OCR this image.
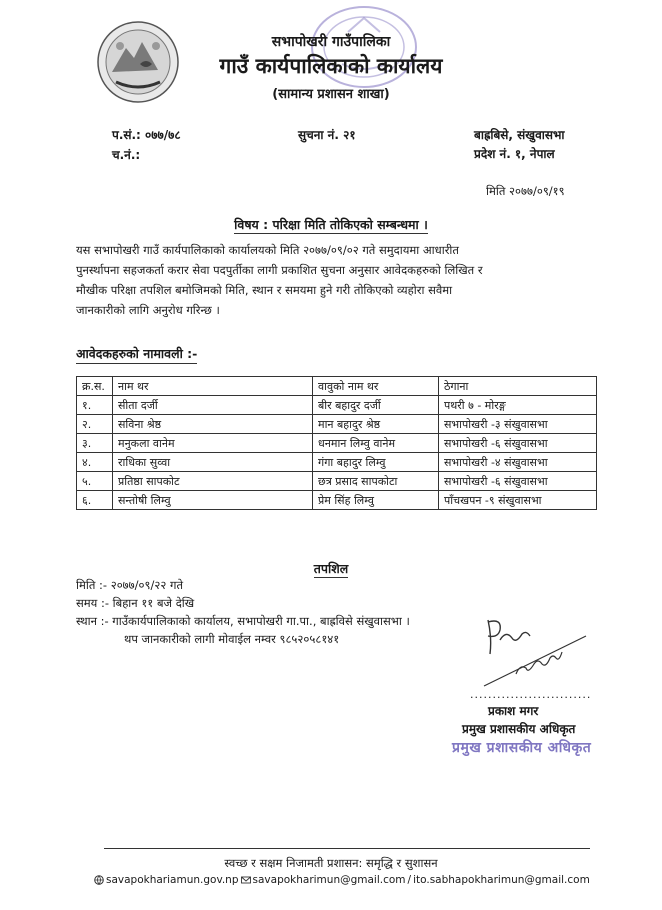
सभापोखरी गाउँपालिका
गाउँ कार्यपालिकाको कार्यालय
(सामान्य प्रशासन शाखा)
प.सं.: ०७७/७८
च.नं.:
सुचना नं. २१	बाह्रबिसे, संखुवासभा
प्रदेश नं. १, नेपाल
मिति २०७७/०९/१९
विषय : परिक्षा मिति तोकिएको सम्बन्धमा ।
यस सभापोखरी गाउँ कार्यपालिकाको कार्यालयको मिति २०७७/०९/०२ गते समुदायमा आधारीत
पुनर्स्थापना सहजकर्ता करार सेवा पदपुर्तीका लागी प्रकाशित सुचना अनुसार आवेदकहरुको लिखित र
मौखीक परिक्षा तपशिल बमोजिमको मिति, स्थान र समयमा हुने गरी तोकिएको व्यहोरा सवैमा
जानकारीको लागि अनुरोध गरिन्छ ।
आवेदकहरुको नामावली :-
क्र.स.	नाम थर	वावुको नाम थर	ठेगाना
१.	सीता दर्जी	बीर बहादुर दर्जी	पथरी ७ - मोरङ्ग
२.	सविना श्रेष्ठ	मान बहादुर श्रेष्ठ	सभापोखरी -३ संखुवासभा
३.	मनुकला वानेम	धनमान लिम्वु वानेम	सभापोखरी -६ संखुवासभा
४.	राधिका सुव्वा	गंगा बहादुर लिम्वु	सभापोखरी -४ संखुवासभा
५.	प्रतिष्ठा सापकोट	छत्र प्रसाद सापकोटा	सभापोखरी -६ संखुवासभा
६.	सन्तोषी लिम्वु	प्रेम सिंह लिम्वु	पाँचखपन -९ संखुवासभा
तपशिल
मिति :- २०७७/०९/२२ गते
समय :- बिहान ११ बजे देखि
स्थान :- गाउँकार्यपालिकाको कार्यालय, सभापोखरी गा.पा., बाह्रविसे संखुवासभा ।
थप जानकारीको लागी मोवाईल नम्वर ९८५२०५८१४१
...........................
प्रकाश मगर
प्रमुख प्रशासकीय अधिकृत
प्रमुख प्रशासकीय अधिकृत
स्वच्छ र सक्षम निजामती प्रशासन: समृद्धि र सुशासन
savapokhariamun.gov.np savapokharimun@gmail.com / ito.sabhapokharimun@gmail.com
